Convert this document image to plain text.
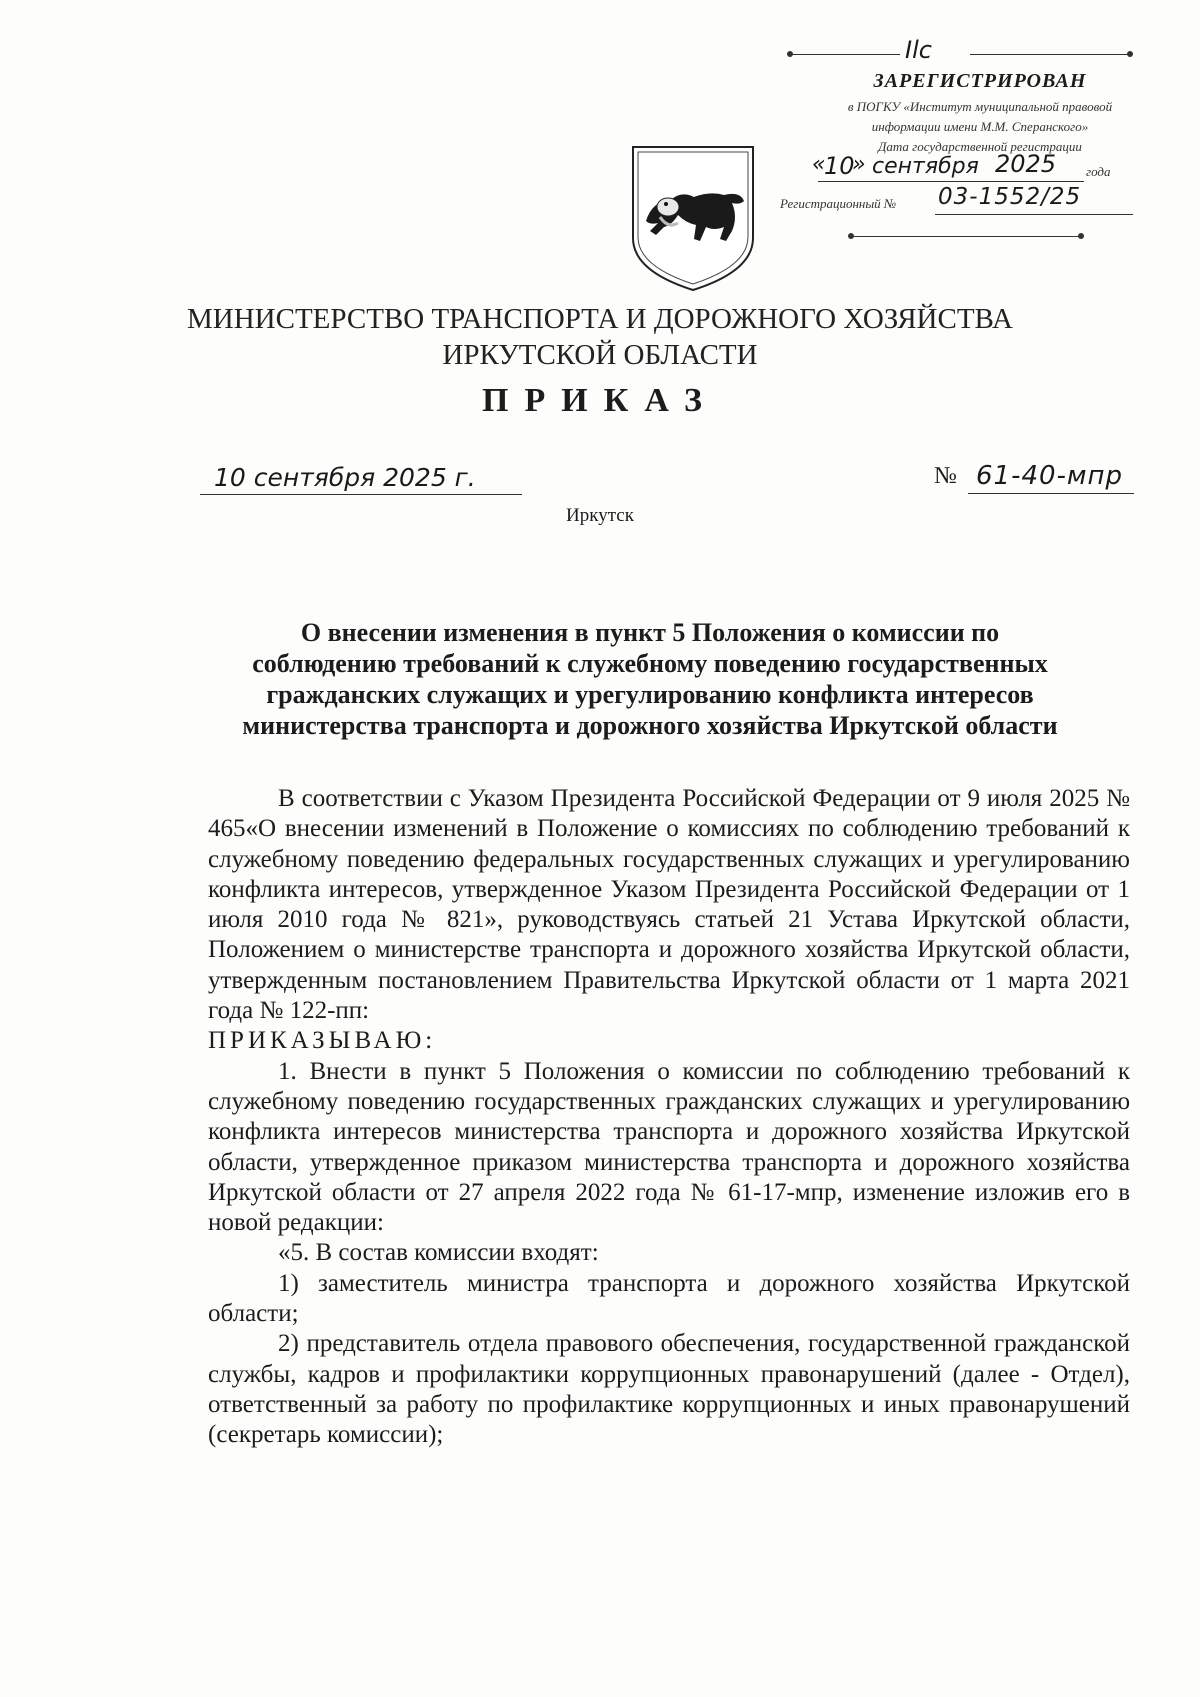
Ilc
ЗАРЕГИСТРИРОВАН
в ПОГКУ «Институт муниципальной правовой
информации имени М.М. Сперанского»
Дата государственной регистрации
«
10
» сентября 2025 года
Регистрационный № 03-1552/25
МИНИСТЕРСТВО ТРАНСПОРТА И ДОРОЖНОГО ХОЗЯЙСТВА
ИРКУТСКОЙ ОБЛАСТИ
ПРИКАЗ
10 сентября 2025 г.	№ 61-40-мпр
Иркутск
О внесении изменения в пункт 5 Положения о комиссии по
соблюдению требований к служебному поведению государственных
гражданских служащих и урегулированию конфликта интересов
министерства транспорта и дорожного хозяйства Иркутской области

В соответствии с Указом Президента Российской Федерации от 9 июля 2025 № 465«О внесении изменений в Положение о комиссиях по соблюдению требований к служебному поведению федеральных государственных служащих и урегулированию конфликта интересов, утвержденное Указом Президента Российской Федерации от 1 июля 2010 года № 821», руководствуясь статьей 21 Устава Иркутской области, Положением о министерстве транспорта и дорожного хозяйства Иркутской области, утвержденным постановлением Правительства Иркутской области от 1 марта 2021 года № 122-пп:

ПРИКАЗЫВАЮ:

1. Внести в пункт 5 Положения о комиссии по соблюдению требований к служебному поведению государственных гражданских служащих и урегулированию конфликта интересов министерства транспорта и дорожного хозяйства Иркутской области, утвержденное приказом министерства транспорта и дорожного хозяйства Иркутской области от 27 апреля 2022 года № 61-17-мпр, изменение изложив его в новой редакции:

«5. В состав комиссии входят:

1) заместитель министра транспорта и дорожного хозяйства Иркутской области;

2) представитель отдела правового обеспечения, государственной гражданской службы, кадров и профилактики коррупционных правонарушений (далее - Отдел), ответственный за работу по профилактике коррупционных и иных правонарушений (секретарь комиссии);
